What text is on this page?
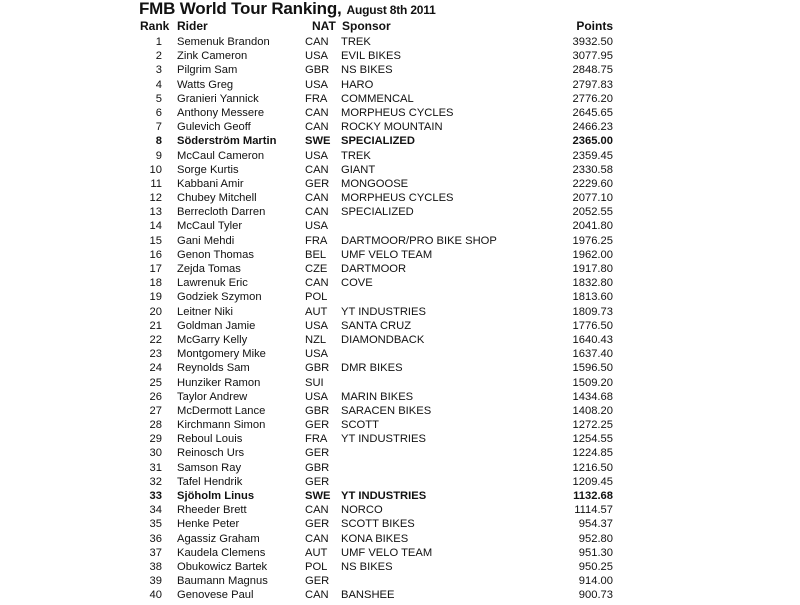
FMB World Tour Ranking, August 8th 2011
Rank Rider	NAT Sponsor	Points
1 Semenuk Brandon	CAN TREK	3932.50
2 Zink Cameron	USA EVIL BIKES	3077.95
3 Pilgrim Sam	GBR NS BIKES	2848.75
4 Watts Greg	USA HARO	2797.83
5 Granieri Yannick	FRA COMMENCAL	2776.20
6 Anthony Messere	CAN MORPHEUS CYCLES	2645.65
7 Gulevich Geoff	CAN ROCKY MOUNTAIN	2466.23
8 Söderström Martin	SWE SPECIALIZED	2365.00
9 McCaul Cameron	USA TREK	2359.45
10 Sorge Kurtis	CAN GIANT	2330.58
11 Kabbani Amir	GER MONGOOSE	2229.60
12 Chubey Mitchell	CAN MORPHEUS CYCLES	2077.10
13 Berrecloth Darren	CAN SPECIALIZED	2052.55
14 McCaul Tyler	USA	2041.80
15 Gani Mehdi	FRA DARTMOOR/PRO BIKE SHOP	1976.25
16 Genon Thomas	BEL UMF VELO TEAM	1962.00
17 Zejda Tomas	CZE DARTMOOR	1917.80
18 Lawrenuk Eric	CAN COVE	1832.80
19 Godziek Szymon	POL	1813.60
20 Leitner Niki	AUT YT INDUSTRIES	1809.73
21 Goldman Jamie	USA SANTA CRUZ	1776.50
22 McGarry Kelly	NZL DIAMONDBACK	1640.43
23 Montgomery Mike	USA	1637.40
24 Reynolds Sam	GBR DMR BIKES	1596.50
25 Hunziker Ramon	SUI	1509.20
26 Taylor Andrew	USA MARIN BIKES	1434.68
27 McDermott Lance	GBR SARACEN BIKES	1408.20
28 Kirchmann Simon	GER SCOTT	1272.25
29 Reboul Louis	FRA YT INDUSTRIES	1254.55
30 Reinosch Urs	GER	1224.85
31 Samson Ray	GBR	1216.50
32 Tafel Hendrik	GER	1209.45
33 Sjöholm Linus	SWE YT INDUSTRIES	1132.68
34 Rheeder Brett	CAN NORCO	1114.57
35 Henke Peter	GER SCOTT BIKES	954.37
36 Agassiz Graham	CAN KONA BIKES	952.80
37 Kaudela Clemens	AUT UMF VELO TEAM	951.30
38 Obukowicz Bartek	POL NS BIKES	950.25
39 Baumann Magnus	GER	914.00
40 Genovese Paul	CAN BANSHEE	900.73
